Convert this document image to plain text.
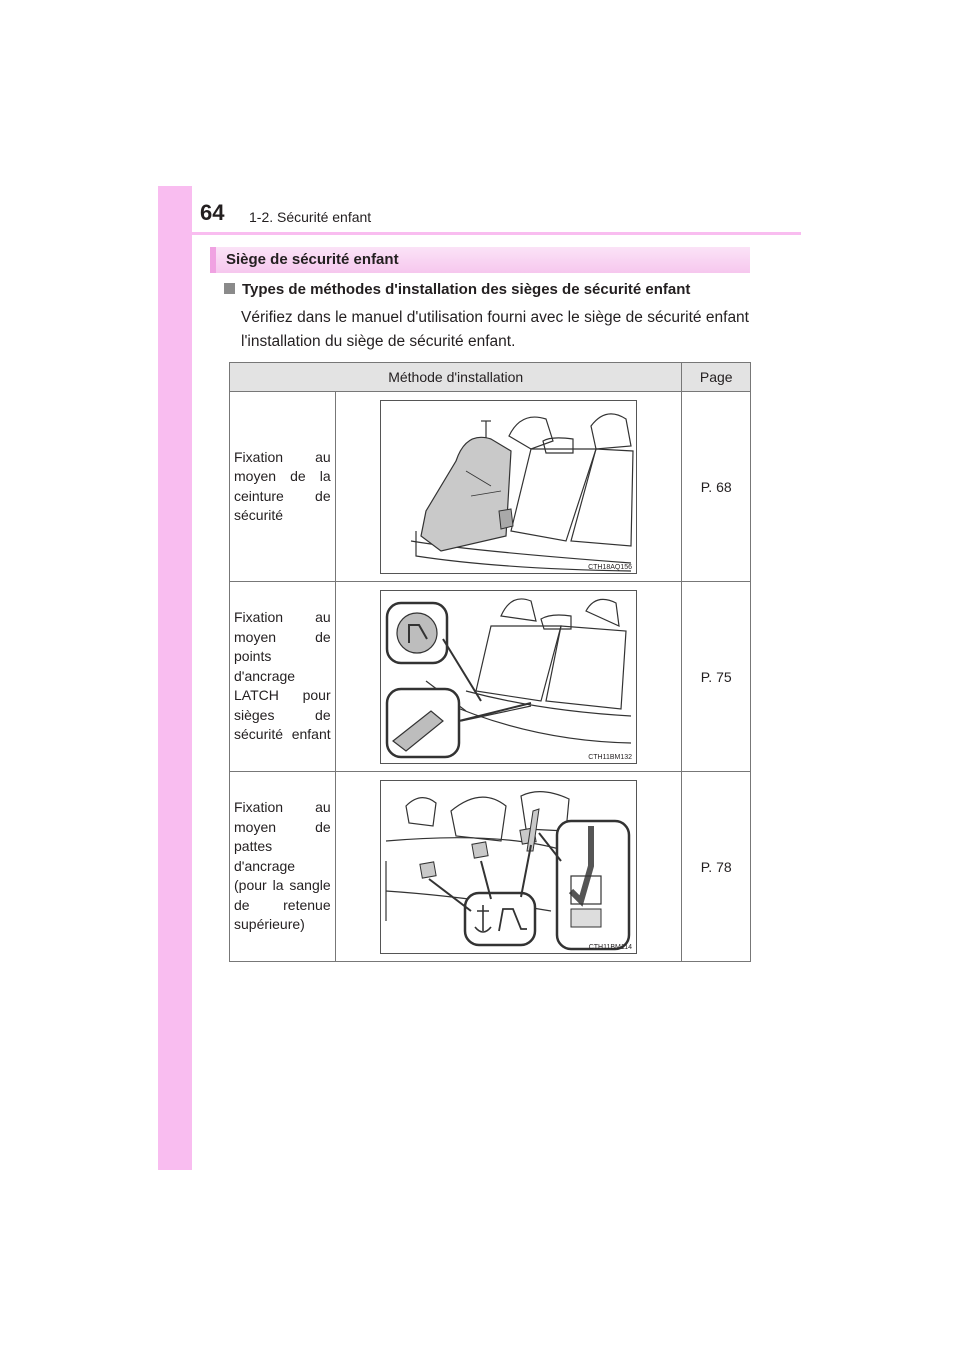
64 1-2. Sécurité enfant
Siège de sécurité enfant
Types de méthodes d'installation des sièges de sécurité enfant

Vérifiez dans le manuel d'utilisation fourni avec le siège de sécurité enfant l'installation du siège de sécurité enfant.

Méthode d'installation		Page

Fixation au moyen de la ceinture de sécurité	CTH18AQ156	P. 68

Fixation au moyen de points d'ancrage LATCH pour sièges de sécurité enfant	CTH11BM132	P. 75

Fixation au moyen de pattes d'ancrage (pour la sangle de retenue supérieure)	CTH11BM114	P. 78
